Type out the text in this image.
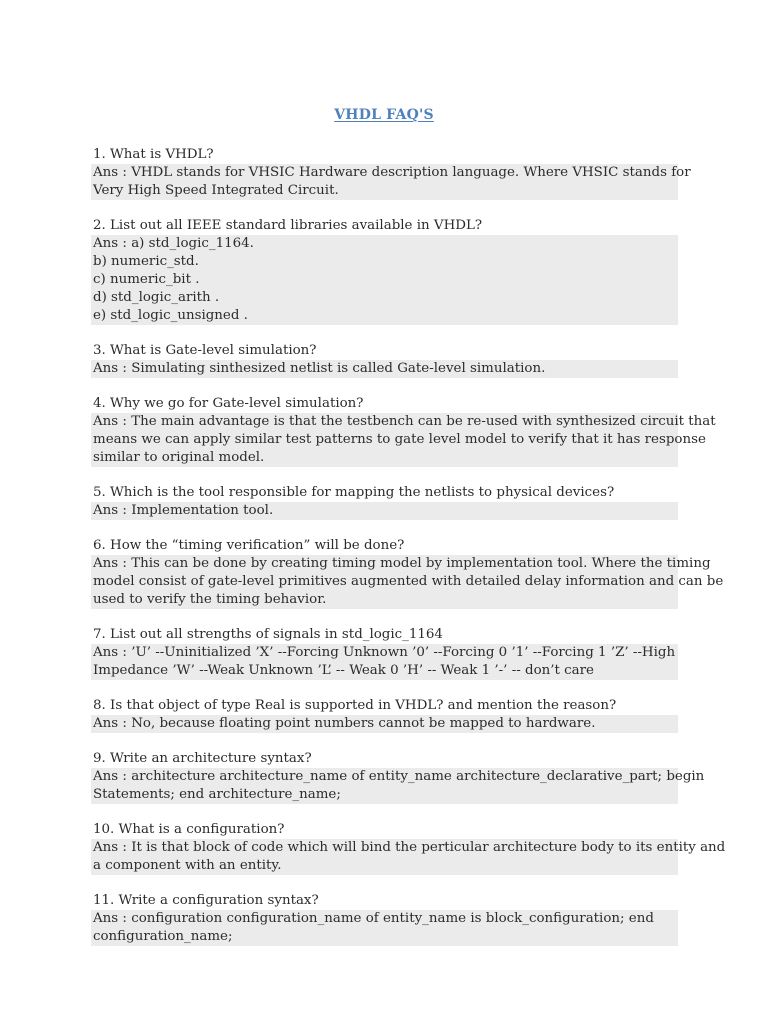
VHDL FAQ'S
1. What is VHDL?
Ans : VHDL stands for VHSIC Hardware description language. Where VHSIC stands for
Very High Speed Integrated Circuit.
2. List out all IEEE standard libraries available in VHDL?
Ans : a) std_logic_1164.
b) numeric_std.
c) numeric_bit .
d) std_logic_arith .
e) std_logic_unsigned .
3. What is Gate-level simulation?
Ans : Simulating sinthesized netlist is called Gate-level simulation.
4. Why we go for Gate-level simulation?
Ans : The main advantage is that the testbench can be re-used with synthesized circuit that
means we can apply similar test patterns to gate level model to verify that it has response
similar to original model.
5. Which is the tool responsible for mapping the netlists to physical devices?
Ans : Implementation tool.
6. How the “timing verification” will be done?
Ans : This can be done by creating timing model by implementation tool. Where the timing
model consist of gate-level primitives augmented with detailed delay information and can be
used to verify the timing behavior.
7. List out all strengths of signals in std_logic_1164
Ans : ’U’ --Uninitialized ’X’ --Forcing Unknown ’0’ --Forcing 0 ’1’ --Forcing 1 ’Z’ --High
Impedance ’W’ --Weak Unknown ’L’ -- Weak 0 ’H’ -- Weak 1 ’-’ -- don’t care
8. Is that object of type Real is supported in VHDL? and mention the reason?
Ans : No, because floating point numbers cannot be mapped to hardware.
9. Write an architecture syntax?
Ans : architecture architecture_name of entity_name architecture_declarative_part; begin
Statements; end architecture_name;
10. What is a configuration?
Ans : It is that block of code which will bind the perticular architecture body to its entity and
a component with an entity.
11. Write a configuration syntax?
Ans : configuration configuration_name of entity_name is block_configuration; end
configuration_name;
